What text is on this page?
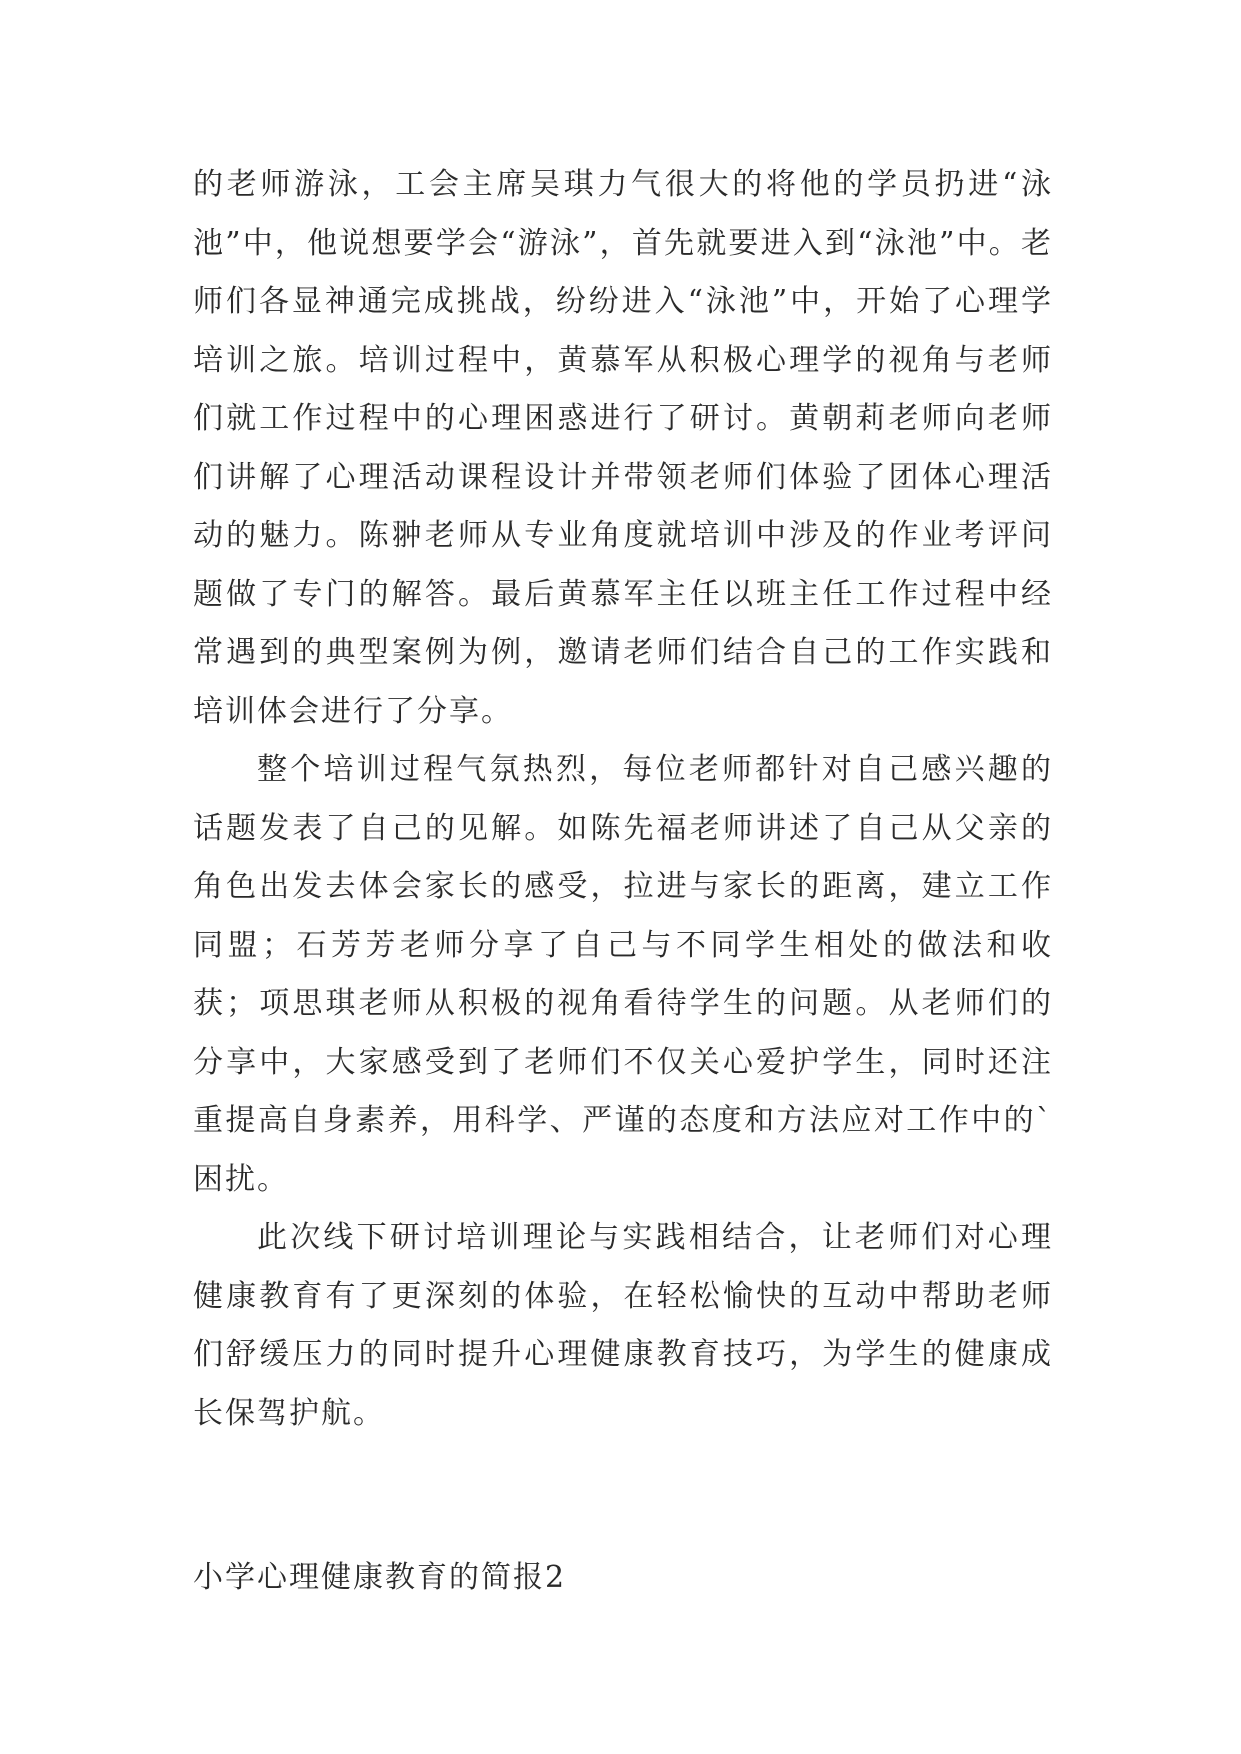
的老师游泳，工会主席吴琪力气很大的将他的学员扔进“泳池”中，他说想要学会“游泳”，首先就要进入到“泳池”中。老师们各显神通完成挑战，纷纷进入“泳池”中，开始了心理学培训之旅。培训过程中，黄慕军从积极心理学的视角与老师们就工作过程中的心理困惑进行了研讨。黄朝莉老师向老师们讲解了心理活动课程设计并带领老师们体验了团体心理活动的魅力。陈翀老师从专业角度就培训中涉及的作业考评问题做了专门的解答。最后黄慕军主任以班主任工作过程中经常遇到的典型案例为例，邀请老师们结合自己的工作实践和培训体会进行了分享。

整个培训过程气氛热烈，每位老师都针对自己感兴趣的话题发表了自己的见解。如陈先福老师讲述了自己从父亲的角色出发去体会家长的感受，拉进与家长的距离，建立工作同盟；石芳芳老师分享了自己与不同学生相处的做法和收获；项思琪老师从积极的视角看待学生的问题。从老师们的分享中，大家感受到了老师们不仅关心爱护学生，同时还注重提高自身素养，用科学、严谨的态度和方法应对工作中的`困扰。

此次线下研讨培训理论与实践相结合，让老师们对心理健康教育有了更深刻的体验，在轻松愉快的互动中帮助老师们舒缓压力的同时提升心理健康教育技巧，为学生的健康成长保驾护航。

小学心理健康教育的简报2
